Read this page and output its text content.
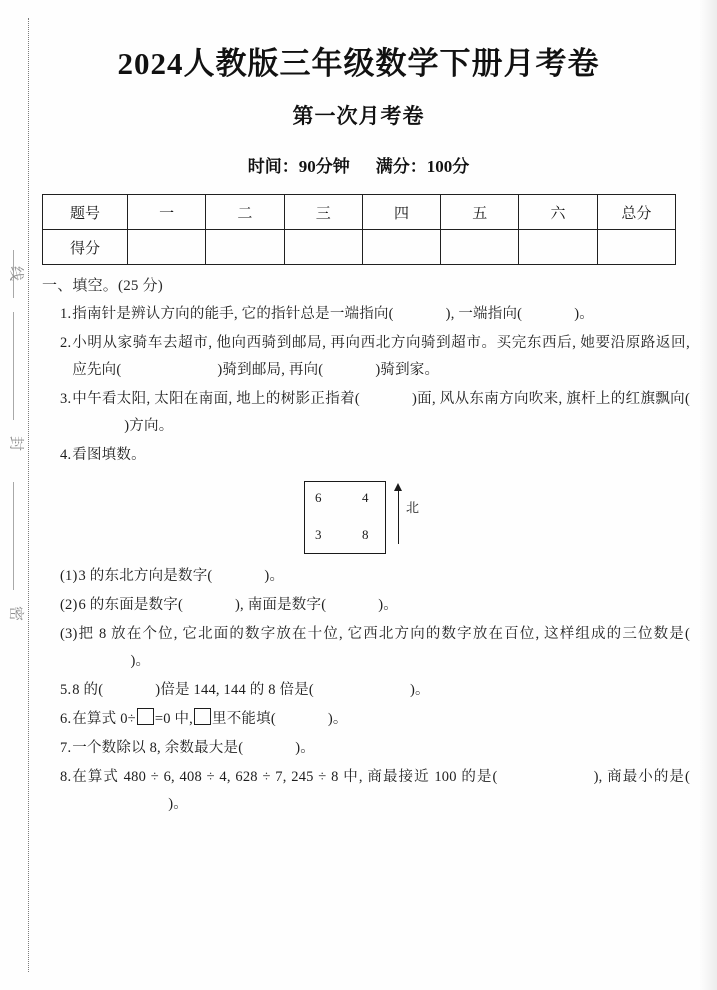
线
封
密
2024人教版三年级数学下册月考卷
第一次月考卷
时间：90分钟 满分：100分
题号	一	二	三	四	五	六	总分
得分							
一、填空。(25 分)
1. 指南针是辨认方向的能手, 它的指针总是一端指向(	), 一端指向(	)。
2. 小明从家骑车去超市, 他向西骑到邮局, 再向西北方向骑到超市。买完东西后, 她要沿原路返回, 应先向(	)骑到邮局, 再向(	)骑到家。
3. 中午看太阳, 太阳在南面, 地上的树影正指着(	)面, 风从东南方向吹来, 旗杆上的红旗飘向()方向。
4. 看图填数。
6	4
3	8
北
(1) 3 的东北方向是数字(	)。
(2) 6 的东面是数字(	), 南面是数字(	)。
(3) 把 8 放在个位, 它北面的数字放在十位, 它西北方向的数字放在百位, 这样组成的三位数是()。
5. 8 的(	)倍是 144, 144 的 8 倍是(	)。
6. 在算式 0÷ =0 中, 里不能填(	)。
7. 一个数除以 8, 余数最大是(	)。
8. 在算式 480 ÷ 6, 408 ÷ 4, 628 ÷ 7, 245 ÷ 8 中, 商最接近 100 的是(	), 商最小的是()。
